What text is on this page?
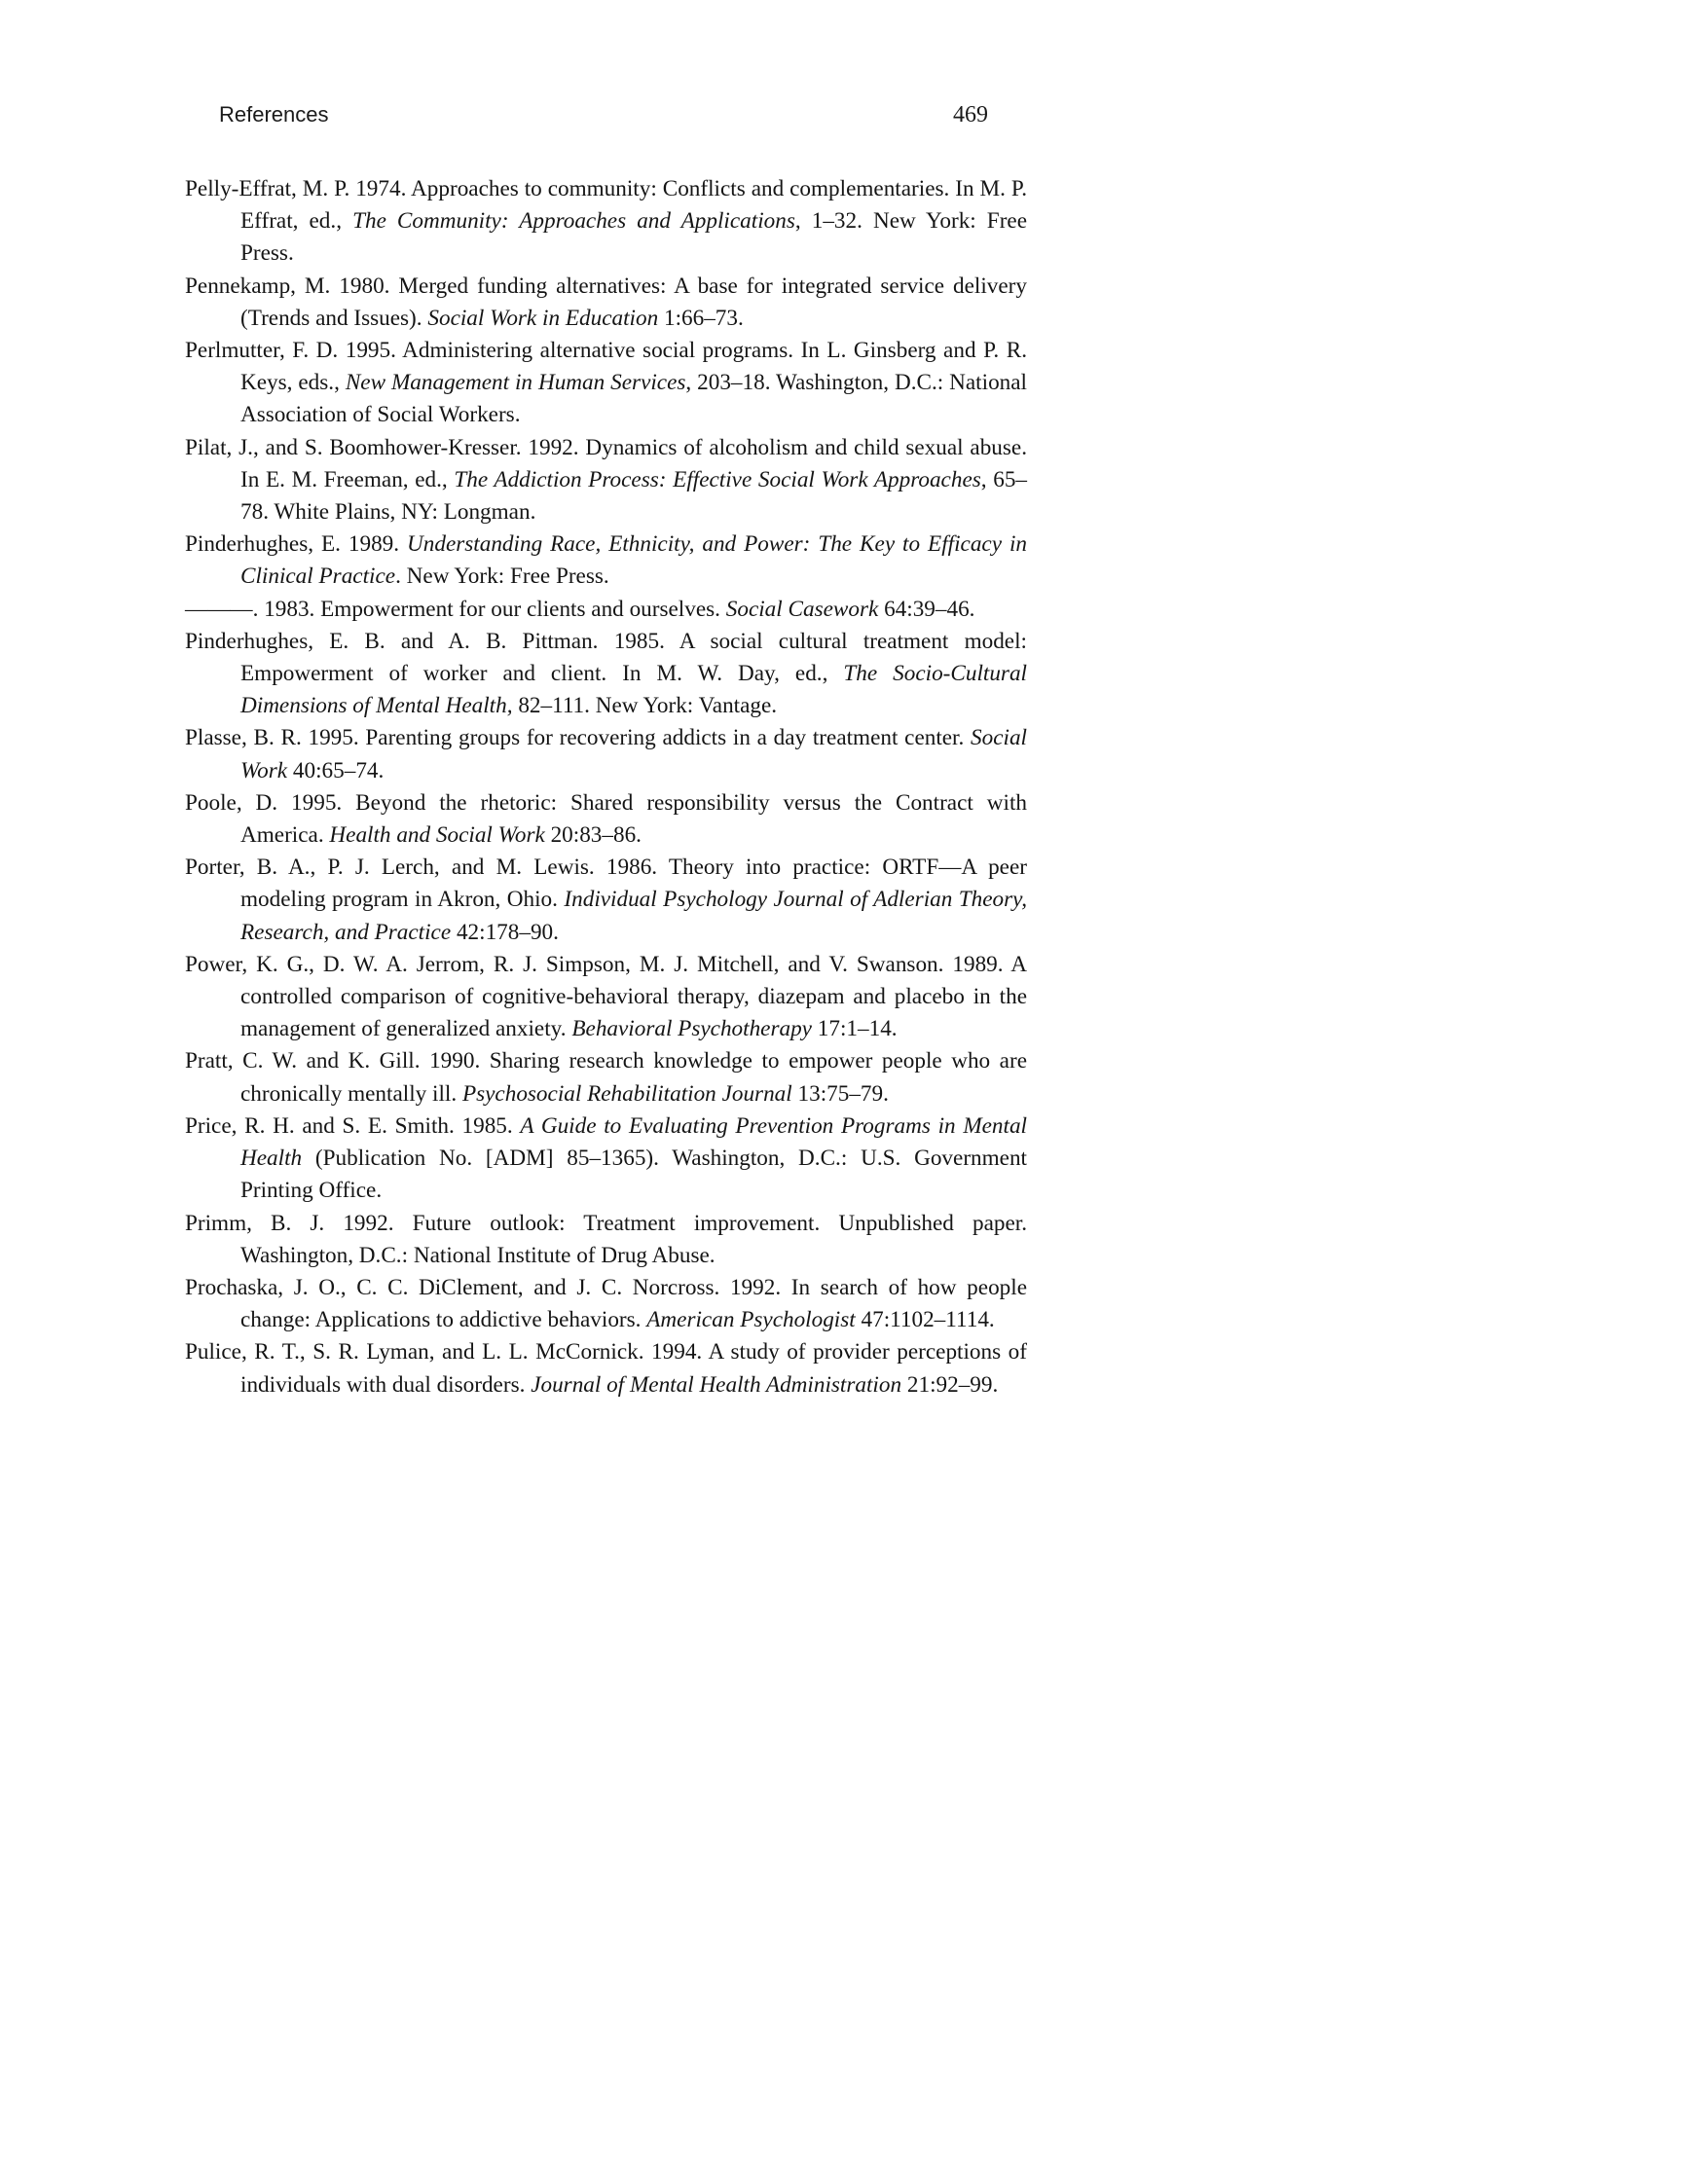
References	469
Pelly-Effrat, M. P. 1974. Approaches to community: Conflicts and complementaries. In M. P. Effrat, ed., The Community: Approaches and Applications, 1–32. New York: Free Press.
Pennekamp, M. 1980. Merged funding alternatives: A base for integrated service delivery (Trends and Issues). Social Work in Education 1:66–73.
Perlmutter, F. D. 1995. Administering alternative social programs. In L. Ginsberg and P. R. Keys, eds., New Management in Human Services, 203–18. Washington, D.C.: National Association of Social Workers.
Pilat, J., and S. Boomhower-Kresser. 1992. Dynamics of alcoholism and child sexual abuse. In E. M. Freeman, ed., The Addiction Process: Effective Social Work Approaches, 65–78. White Plains, NY: Longman.
Pinderhughes, E. 1989. Understanding Race, Ethnicity, and Power: The Key to Efficacy in Clinical Practice. New York: Free Press.
———. 1983. Empowerment for our clients and ourselves. Social Casework 64:39–46.
Pinderhughes, E. B. and A. B. Pittman. 1985. A social cultural treatment model: Empowerment of worker and client. In M. W. Day, ed., The Socio-Cultural Dimensions of Mental Health, 82–111. New York: Vantage.
Plasse, B. R. 1995. Parenting groups for recovering addicts in a day treatment center. Social Work 40:65–74.
Poole, D. 1995. Beyond the rhetoric: Shared responsibility versus the Contract with America. Health and Social Work 20:83–86.
Porter, B. A., P. J. Lerch, and M. Lewis. 1986. Theory into practice: ORTF—A peer modeling program in Akron, Ohio. Individual Psychology Journal of Adlerian Theory, Research, and Practice 42:178–90.
Power, K. G., D. W. A. Jerrom, R. J. Simpson, M. J. Mitchell, and V. Swanson. 1989. A controlled comparison of cognitive-behavioral therapy, diazepam and placebo in the management of generalized anxiety. Behavioral Psychotherapy 17:1–14.
Pratt, C. W. and K. Gill. 1990. Sharing research knowledge to empower people who are chronically mentally ill. Psychosocial Rehabilitation Journal 13:75–79.
Price, R. H. and S. E. Smith. 1985. A Guide to Evaluating Prevention Programs in Mental Health (Publication No. [ADM] 85–1365). Washington, D.C.: U.S. Government Printing Office.
Primm, B. J. 1992. Future outlook: Treatment improvement. Unpublished paper. Washington, D.C.: National Institute of Drug Abuse.
Prochaska, J. O., C. C. DiClement, and J. C. Norcross. 1992. In search of how people change: Applications to addictive behaviors. American Psychologist 47:1102–1114.
Pulice, R. T., S. R. Lyman, and L. L. McCornick. 1994. A study of provider perceptions of individuals with dual disorders. Journal of Mental Health Administration 21:92–99.
